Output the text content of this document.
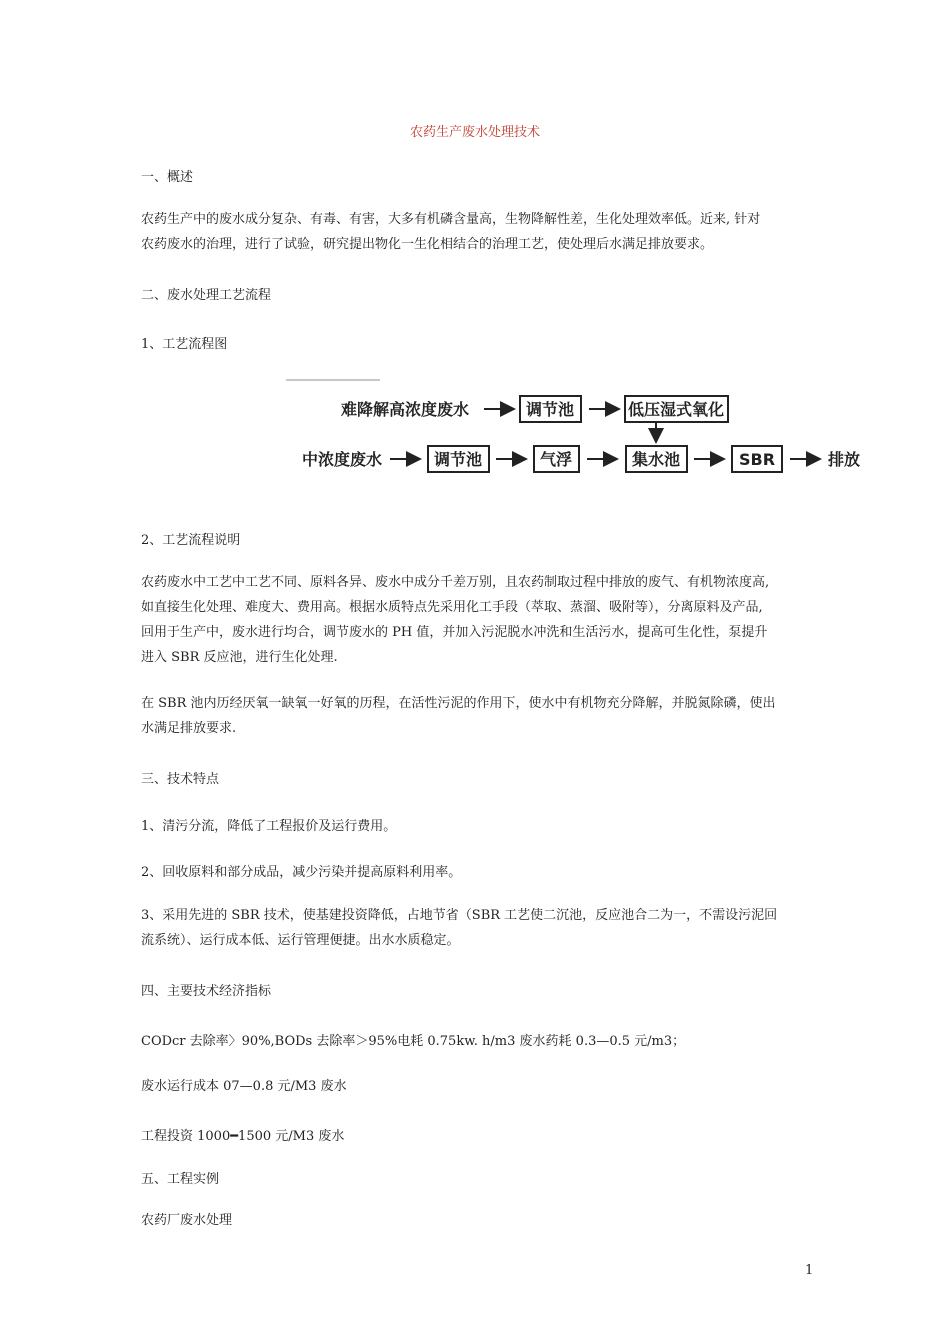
农药生产废水处理技术
一、概述
农药生产中的废水成分复杂、有毒、有害，大多有机磷含量高，生物降解性差，生化处理效率低。近来, 针对
农药废水的治理，进行了试验，研究提出物化一生化相结合的治理工艺，使处理后水满足排放要求。
二、废水处理工艺流程
1、工艺流程图
难降解高浓度废水	调节池	低压湿式氧化
中浓度废水	调节池	气浮	集水池	SBR	排放
2、工艺流程说明
农药废水中工艺中工艺不同、原料各异、废水中成分千差万别，且农药制取过程中排放的废气、有机物浓度高,
如直接生化处理、难度大、费用高。根据水质特点先采用化工手段（萃取、蒸溜、吸附等），分离原料及产品,
回用于生产中，废水进行均合，调节废水的 PH 值，并加入污泥脱水冲洗和生活污水，提高可生化性，泵提升
进入 SBR 反应池，进行生化处理.
在 SBR 池内历经厌氧一缺氧一好氧的历程，在活性污泥的作用下，使水中有机物充分降解，并脱氮除磷，使出
水满足排放要求.
三、技术特点
1、清污分流，降低了工程报价及运行费用。
2、回收原料和部分成品，减少污染并提高原料利用率。
3、采用先进的 SBR 技术，使基建投资降低，占地节省（SBR 工艺使二沉池，反应池合二为一，不需设污泥回
流系统）、运行成本低、运行管理便捷。出水水质稳定。
四、主要技术经济指标
CODcr 去除率〉90%,BODs 去除率＞95%电耗 0.75kw. h/m3 废水药耗 0.3—0.5 元/m3；
废水运行成本 07—0.8 元/M3 废水
工程投资 1000━1500 元/M3 废水
五、工程实例
农药厂废水处理
1
